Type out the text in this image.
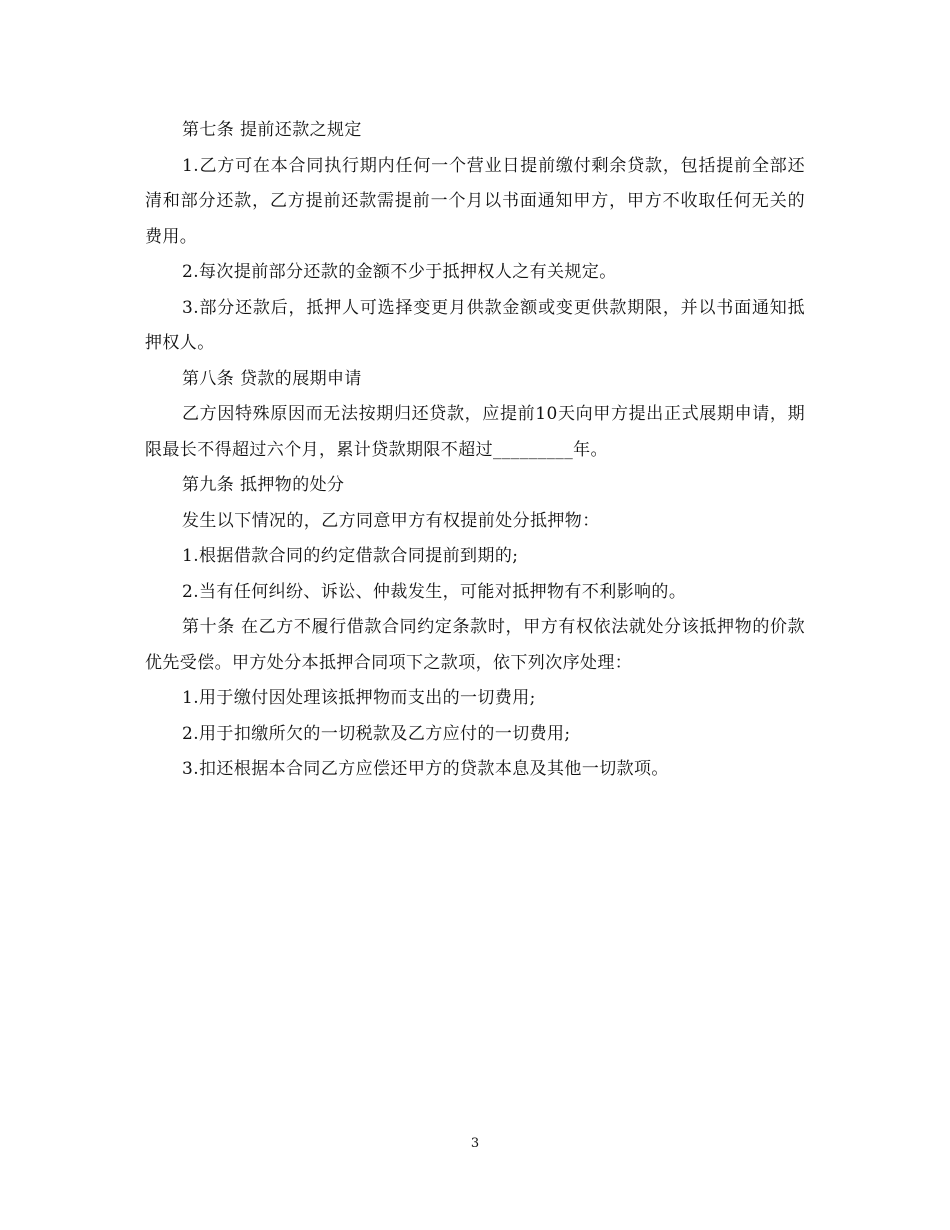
第七条 提前还款之规定

1.乙方可在本合同执行期内任何一个营业日提前缴付剩余贷款，包括提前全部还清和部分还款，乙方提前还款需提前一个月以书面通知甲方，甲方不收取任何无关的费用。

2.每次提前部分还款的金额不少于抵押权人之有关规定。

3.部分还款后，抵押人可选择变更月供款金额或变更供款期限，并以书面通知抵押权人。

第八条 贷款的展期申请

乙方因特殊原因而无法按期归还贷款，应提前10天向甲方提出正式展期申请，期限最长不得超过六个月，累计贷款期限不超过_________年。

第九条 抵押物的处分

发生以下情况的，乙方同意甲方有权提前处分抵押物：

1.根据借款合同的约定借款合同提前到期的;

2.当有任何纠纷、诉讼、仲裁发生，可能对抵押物有不利影响的。

第十条 在乙方不履行借款合同约定条款时，甲方有权依法就处分该抵押物的价款优先受偿。甲方处分本抵押合同项下之款项，依下列次序处理：

1.用于缴付因处理该抵押物而支出的一切费用;

2.用于扣缴所欠的一切税款及乙方应付的一切费用;

3.扣还根据本合同乙方应偿还甲方的贷款本息及其他一切款项。

3
